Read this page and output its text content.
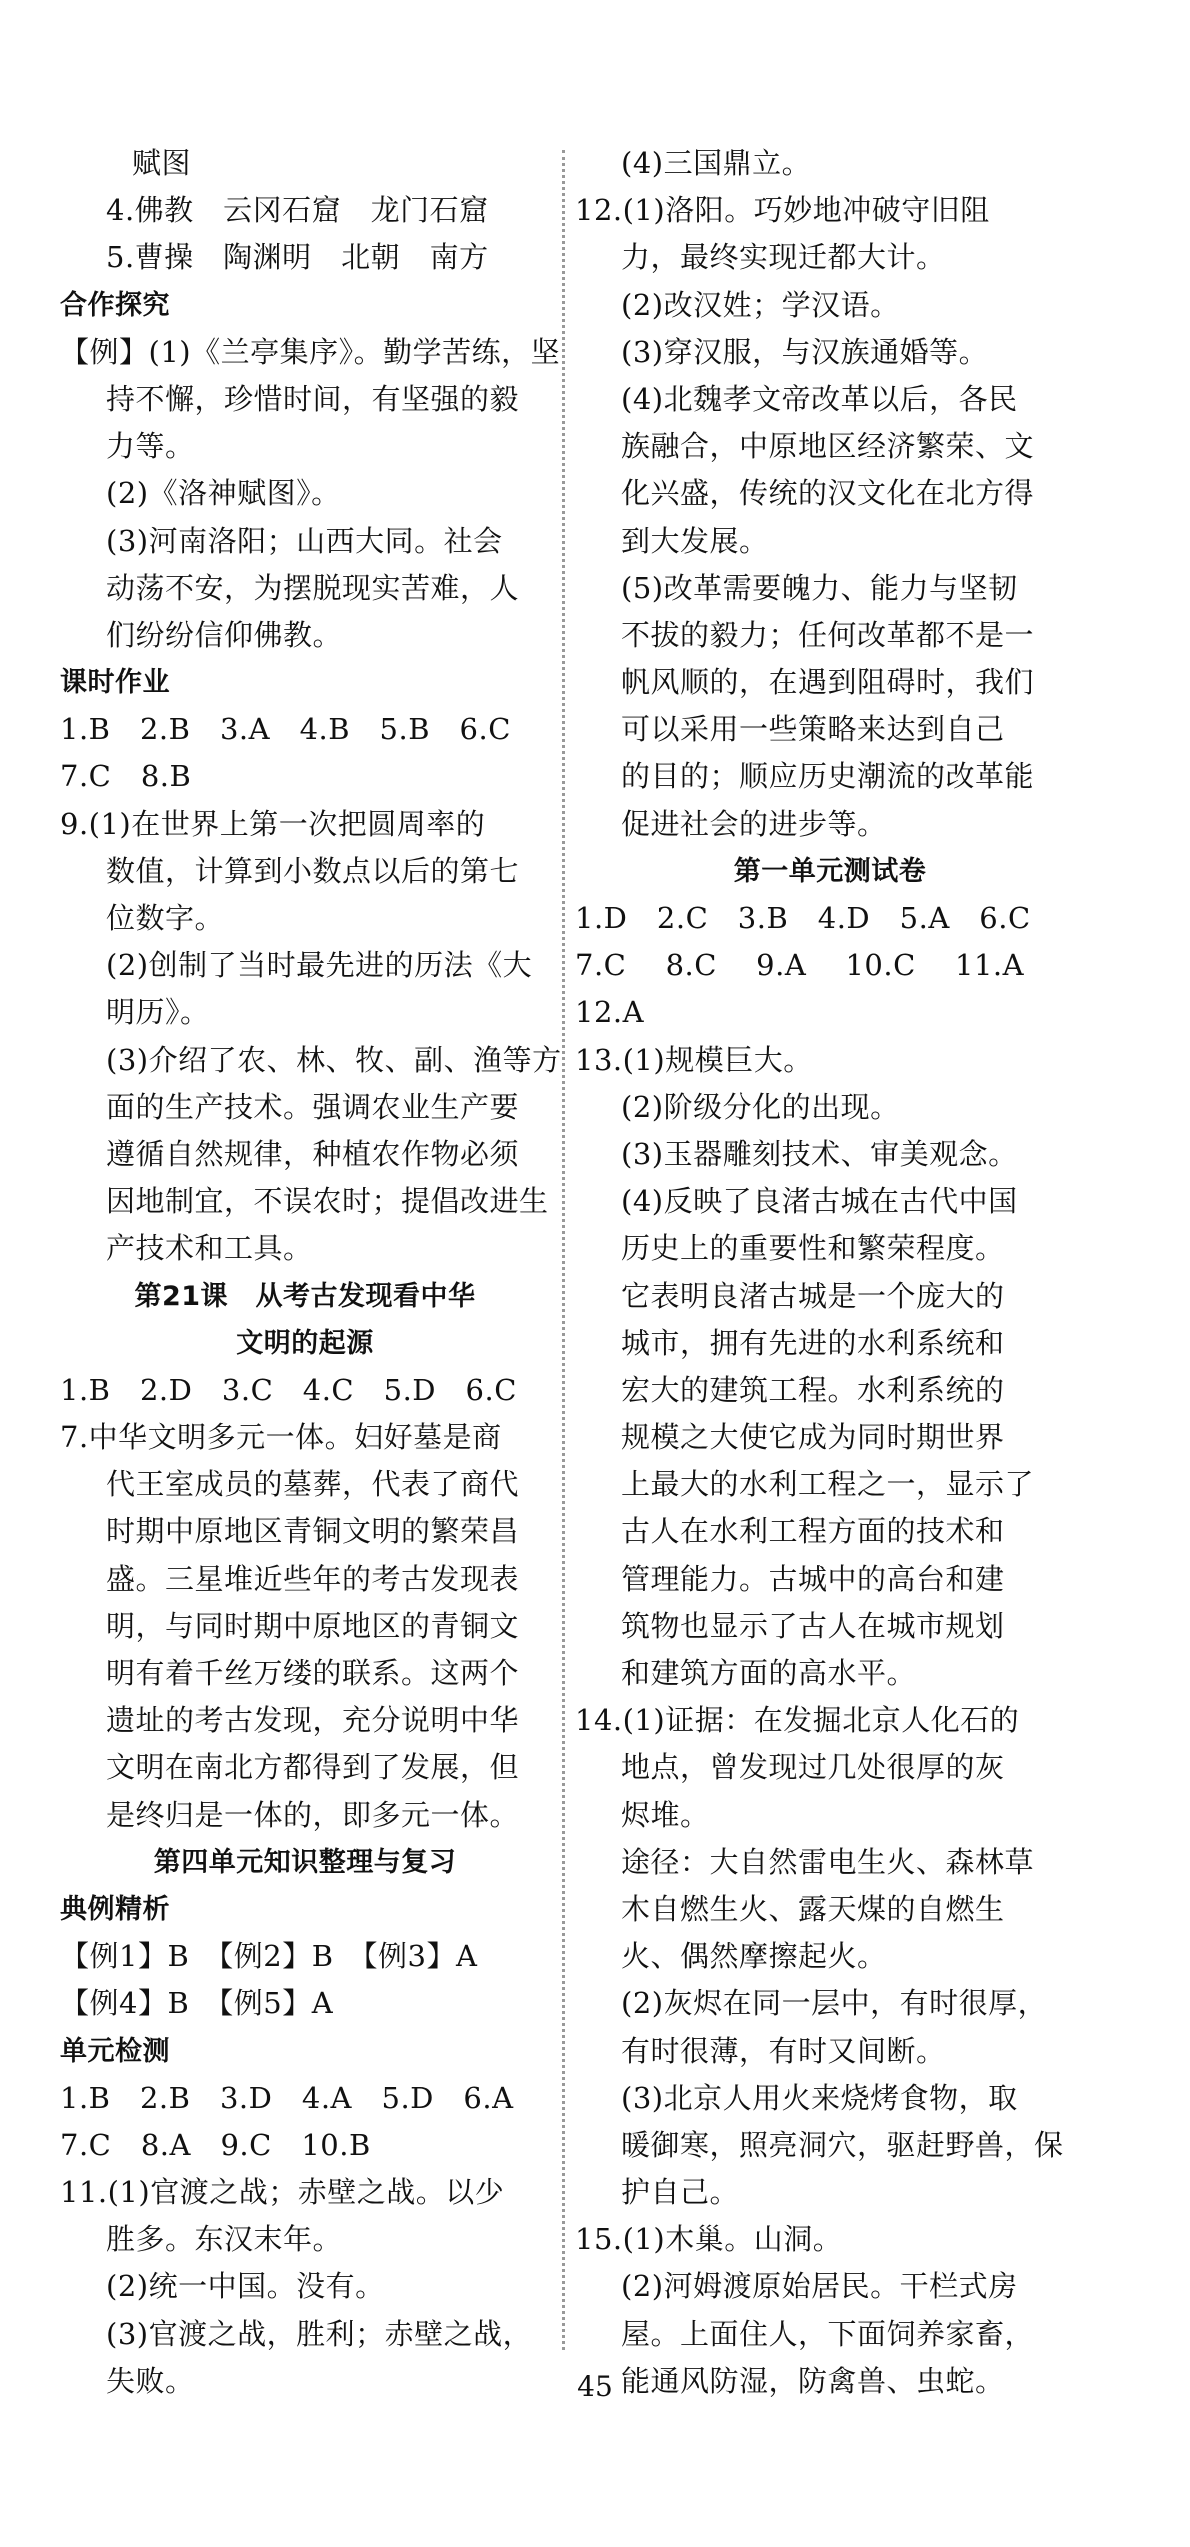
赋图
4.佛教　云冈石窟　龙门石窟
5.曹操　陶渊明　北朝　南方
合作探究
【例】(1)《兰亭集序》。勤学苦练，坚
持不懈，珍惜时间，有坚强的毅
力等。
(2)《洛神赋图》。
(3)河南洛阳；山西大同。社会
动荡不安，为摆脱现实苦难，人
们纷纷信仰佛教。
课时作业
1.B　2.B　3.A　4.B　5.B　6.C
7.C　8.B
9.(1)在世界上第一次把圆周率的
数值，计算到小数点以后的第七
位数字。
(2)创制了当时最先进的历法《大
明历》。
(3)介绍了农、林、牧、副、渔等方
面的生产技术。强调农业生产要
遵循自然规律，种植农作物必须
因地制宜，不误农时；提倡改进生
产技术和工具。
第21课　从考古发现看中华
文明的起源
1.B　2.D　3.C　4.C　5.D　6.C
7.中华文明多元一体。妇好墓是商
代王室成员的墓葬，代表了商代
时期中原地区青铜文明的繁荣昌
盛。三星堆近些年的考古发现表
明，与同时期中原地区的青铜文
明有着千丝万缕的联系。这两个
遗址的考古发现，充分说明中华
文明在南北方都得到了发展，但
是终归是一体的，即多元一体。
第四单元知识整理与复习
典例精析
【例1】B　【例2】B　【例3】A
【例4】B　【例5】A
单元检测
1.B　2.B　3.D　4.A　5.D　6.A
7.C　8.A　9.C　10.B
11.(1)官渡之战；赤壁之战。以少
胜多。东汉末年。
(2)统一中国。没有。
(3)官渡之战，胜利；赤壁之战，
失败。
(4)三国鼎立。
12.(1)洛阳。巧妙地冲破守旧阻
力，最终实现迁都大计。
(2)改汉姓；学汉语。
(3)穿汉服，与汉族通婚等。
(4)北魏孝文帝改革以后，各民
族融合，中原地区经济繁荣、文
化兴盛，传统的汉文化在北方得
到大发展。
(5)改革需要魄力、能力与坚韧
不拔的毅力；任何改革都不是一
帆风顺的，在遇到阻碍时，我们
可以采用一些策略来达到自己
的目的；顺应历史潮流的改革能
促进社会的进步等。
第一单元测试卷
1.D　2.C　3.B　4.D　5.A　6.C
7.C　 8.C　 9.A　 10.C　 11.A
12.A
13.(1)规模巨大。
(2)阶级分化的出现。
(3)玉器雕刻技术、审美观念。
(4)反映了良渚古城在古代中国
历史上的重要性和繁荣程度。
它表明良渚古城是一个庞大的
城市，拥有先进的水利系统和
宏大的建筑工程。水利系统的
规模之大使它成为同时期世界
上最大的水利工程之一，显示了
古人在水利工程方面的技术和
管理能力。古城中的高台和建
筑物也显示了古人在城市规划
和建筑方面的高水平。
14.(1)证据：在发掘北京人化石的
地点，曾发现过几处很厚的灰
烬堆。
途径：大自然雷电生火、森林草
木自燃生火、露天煤的自燃生
火、偶然摩擦起火。
(2)灰烬在同一层中，有时很厚，
有时很薄，有时又间断。
(3)北京人用火来烧烤食物，取
暖御寒，照亮洞穴，驱赶野兽，保
护自己。
15.(1)木巢。山洞。
(2)河姆渡原始居民。干栏式房
屋。上面住人，下面饲养家畜，
能通风防湿，防禽兽、虫蛇。
45
